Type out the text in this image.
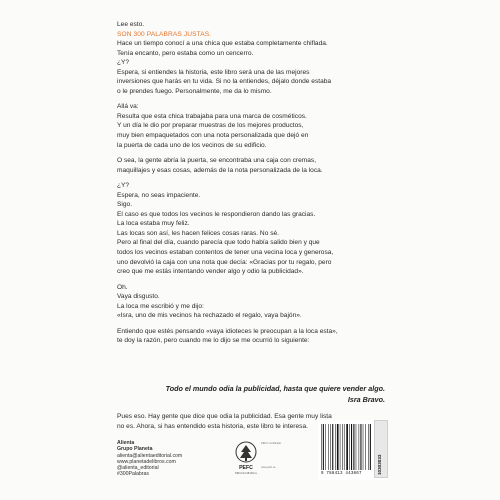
Lee esto.

SON 300 PALABRAS JUSTAS.

Hace un tiempo conocí a una chica que estaba completamente chiflada.

Tenía encanto, pero estaba como un cencerro.

¿Y?

Espera, si entiendes la historia, este libro será una de las mejores

inversiones que harás en tu vida. Si no la entiendes, déjalo donde estaba

o le prendes fuego. Personalmente, me da lo mismo.

Allá va:

Resulta que esta chica trabajaba para una marca de cosméticos.

Y un día le dio por preparar muestras de los mejores productos,

muy bien empaquetados con una nota personalizada que dejó en

la puerta de cada uno de los vecinos de su edificio.

O sea, la gente abría la puerta, se encontraba una caja con cremas,

maquillajes y esas cosas, además de la nota personalizada de la loca.

¿Y?

Espera, no seas impaciente.

Sigo.

El caso es que todos los vecinos le respondieron dando las gracias.

La loca estaba muy feliz.

Las locas son así, les hacen felices cosas raras. No sé.

Pero al final del día, cuando parecía que todo había salido bien y que

todos los vecinos estaban contentos de tener una vecina loca y generosa,

uno devolvió la caja con una nota que decía: «Gracias por tu regalo, pero

creo que me estás intentando vender algo y odio la publicidad».

Oh.

Vaya disgusto.

La loca me escribió y me dijo:

«Isra, uno de mis vecinos ha rechazado el regalo, vaya bajón».

Entiendo que estés pensando «vaya idioteces le preocupan a la loca esta»,

te doy la razón, pero cuando me lo dijo se me ocurrió lo siguiente:

Todo el mundo odia la publicidad, hasta que quiere vender algo.
Isra Bravo.

Pues eso. Hay gente que dice que odia la publicidad. Esa gente muy lista

no es. Ahora, si has entendido esta historia, este libro te interesa.

Alienta
Grupo Planeta
alienta@alientaeditorial.com
www.planetadelibros.com
@alienta_editorial
#300Palabras
PEFC
PEFC/14-38-00xxx
PEFC Certificado
www.pefc.es
9 788413 443867	10303033
